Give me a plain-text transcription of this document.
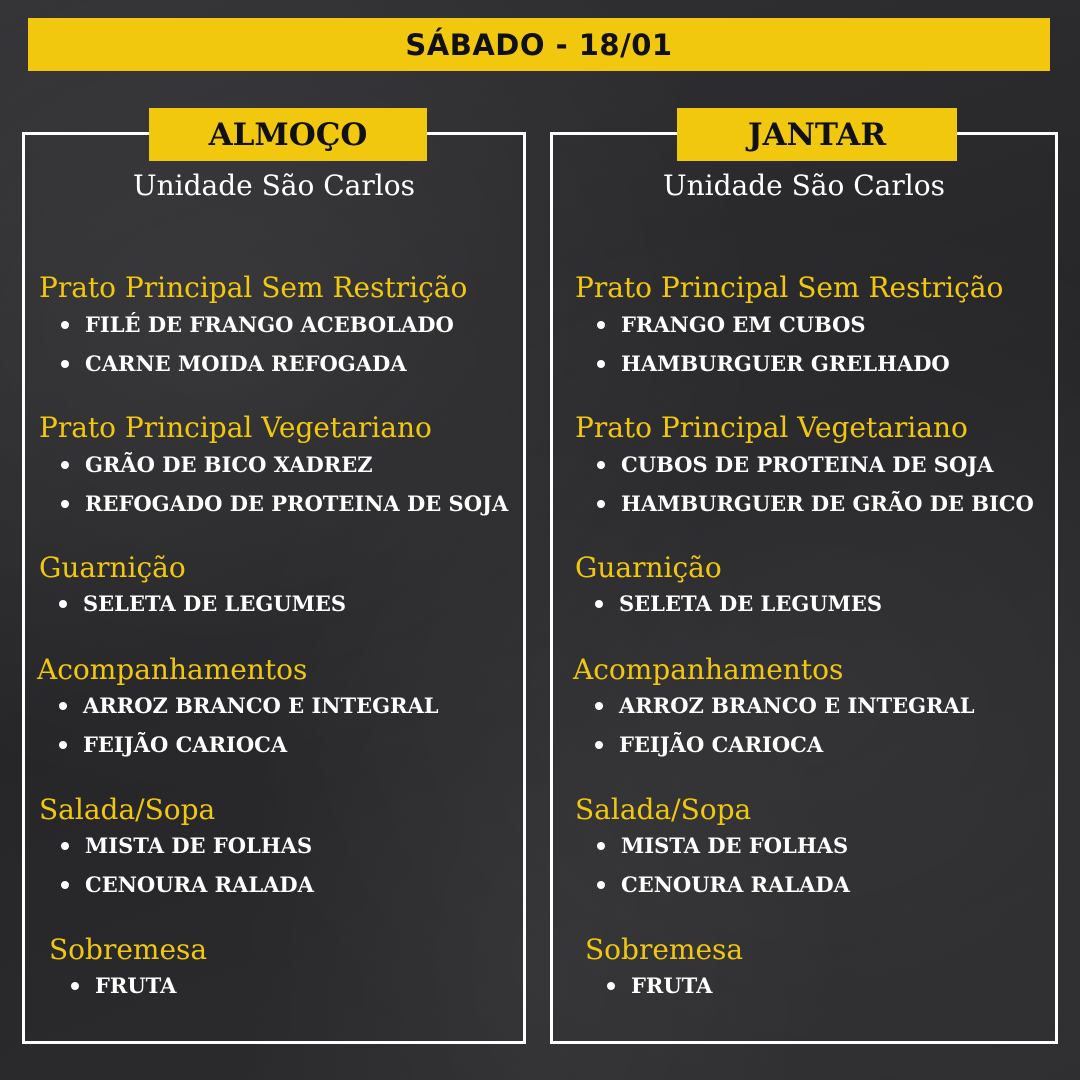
SÁBADO - 18/01
ALMOÇO
Unidade São Carlos
Prato Principal Sem Restrição
FILÉ DE FRANGO ACEBOLADO
CARNE MOIDA REFOGADA
Prato Principal Vegetariano
GRÃO DE BICO XADREZ
REFOGADO DE PROTEINA DE SOJA
Guarnição
SELETA DE LEGUMES
Acompanhamentos
ARROZ BRANCO E INTEGRAL
FEIJÃO CARIOCA
Salada/Sopa
MISTA DE FOLHAS
CENOURA RALADA
Sobremesa
FRUTA
JANTAR
Unidade São Carlos
Prato Principal Sem Restrição
FRANGO EM CUBOS
HAMBURGUER GRELHADO
Prato Principal Vegetariano
CUBOS DE PROTEINA DE SOJA
HAMBURGUER DE GRÃO DE BICO
Guarnição
SELETA DE LEGUMES
Acompanhamentos
ARROZ BRANCO E INTEGRAL
FEIJÃO CARIOCA
Salada/Sopa
MISTA DE FOLHAS
CENOURA RALADA
Sobremesa
FRUTA
